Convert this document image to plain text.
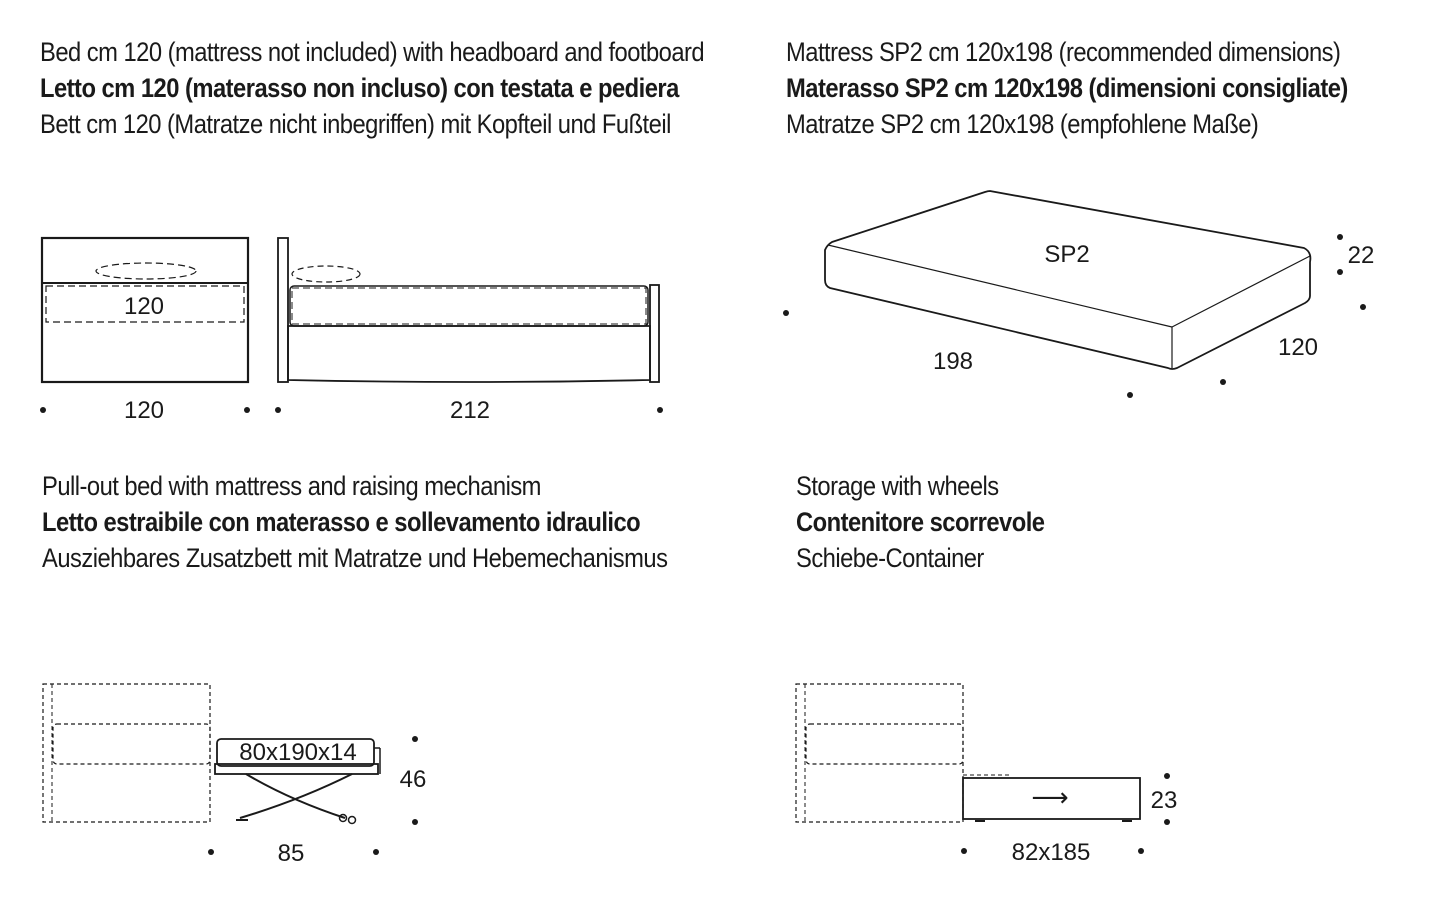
Bed cm 120 (mattress not included) with headboard and footboard
Letto cm 120 (materasso non incluso) con testata e pediera
Bett cm 120 (Matratze nicht inbegriffen) mit Kopfteil und Fußteil
Mattress SP2 cm 120x198 (recommended dimensions)
Materasso SP2 cm 120x198 (dimensioni consigliate)
Matratze SP2 cm 120x198 (empfohlene Maße)
Pull-out bed with mattress and raising mechanism
Letto estraibile con materasso e sollevamento idraulico
Ausziehbares Zusatzbett mit Matratze und Hebemechanismus
Storage with wheels
Contenitore scorrevole
Schiebe-Container
120
120	212
SP2	22
198
120
80x190x14
46
85
⟶	23
82x185
